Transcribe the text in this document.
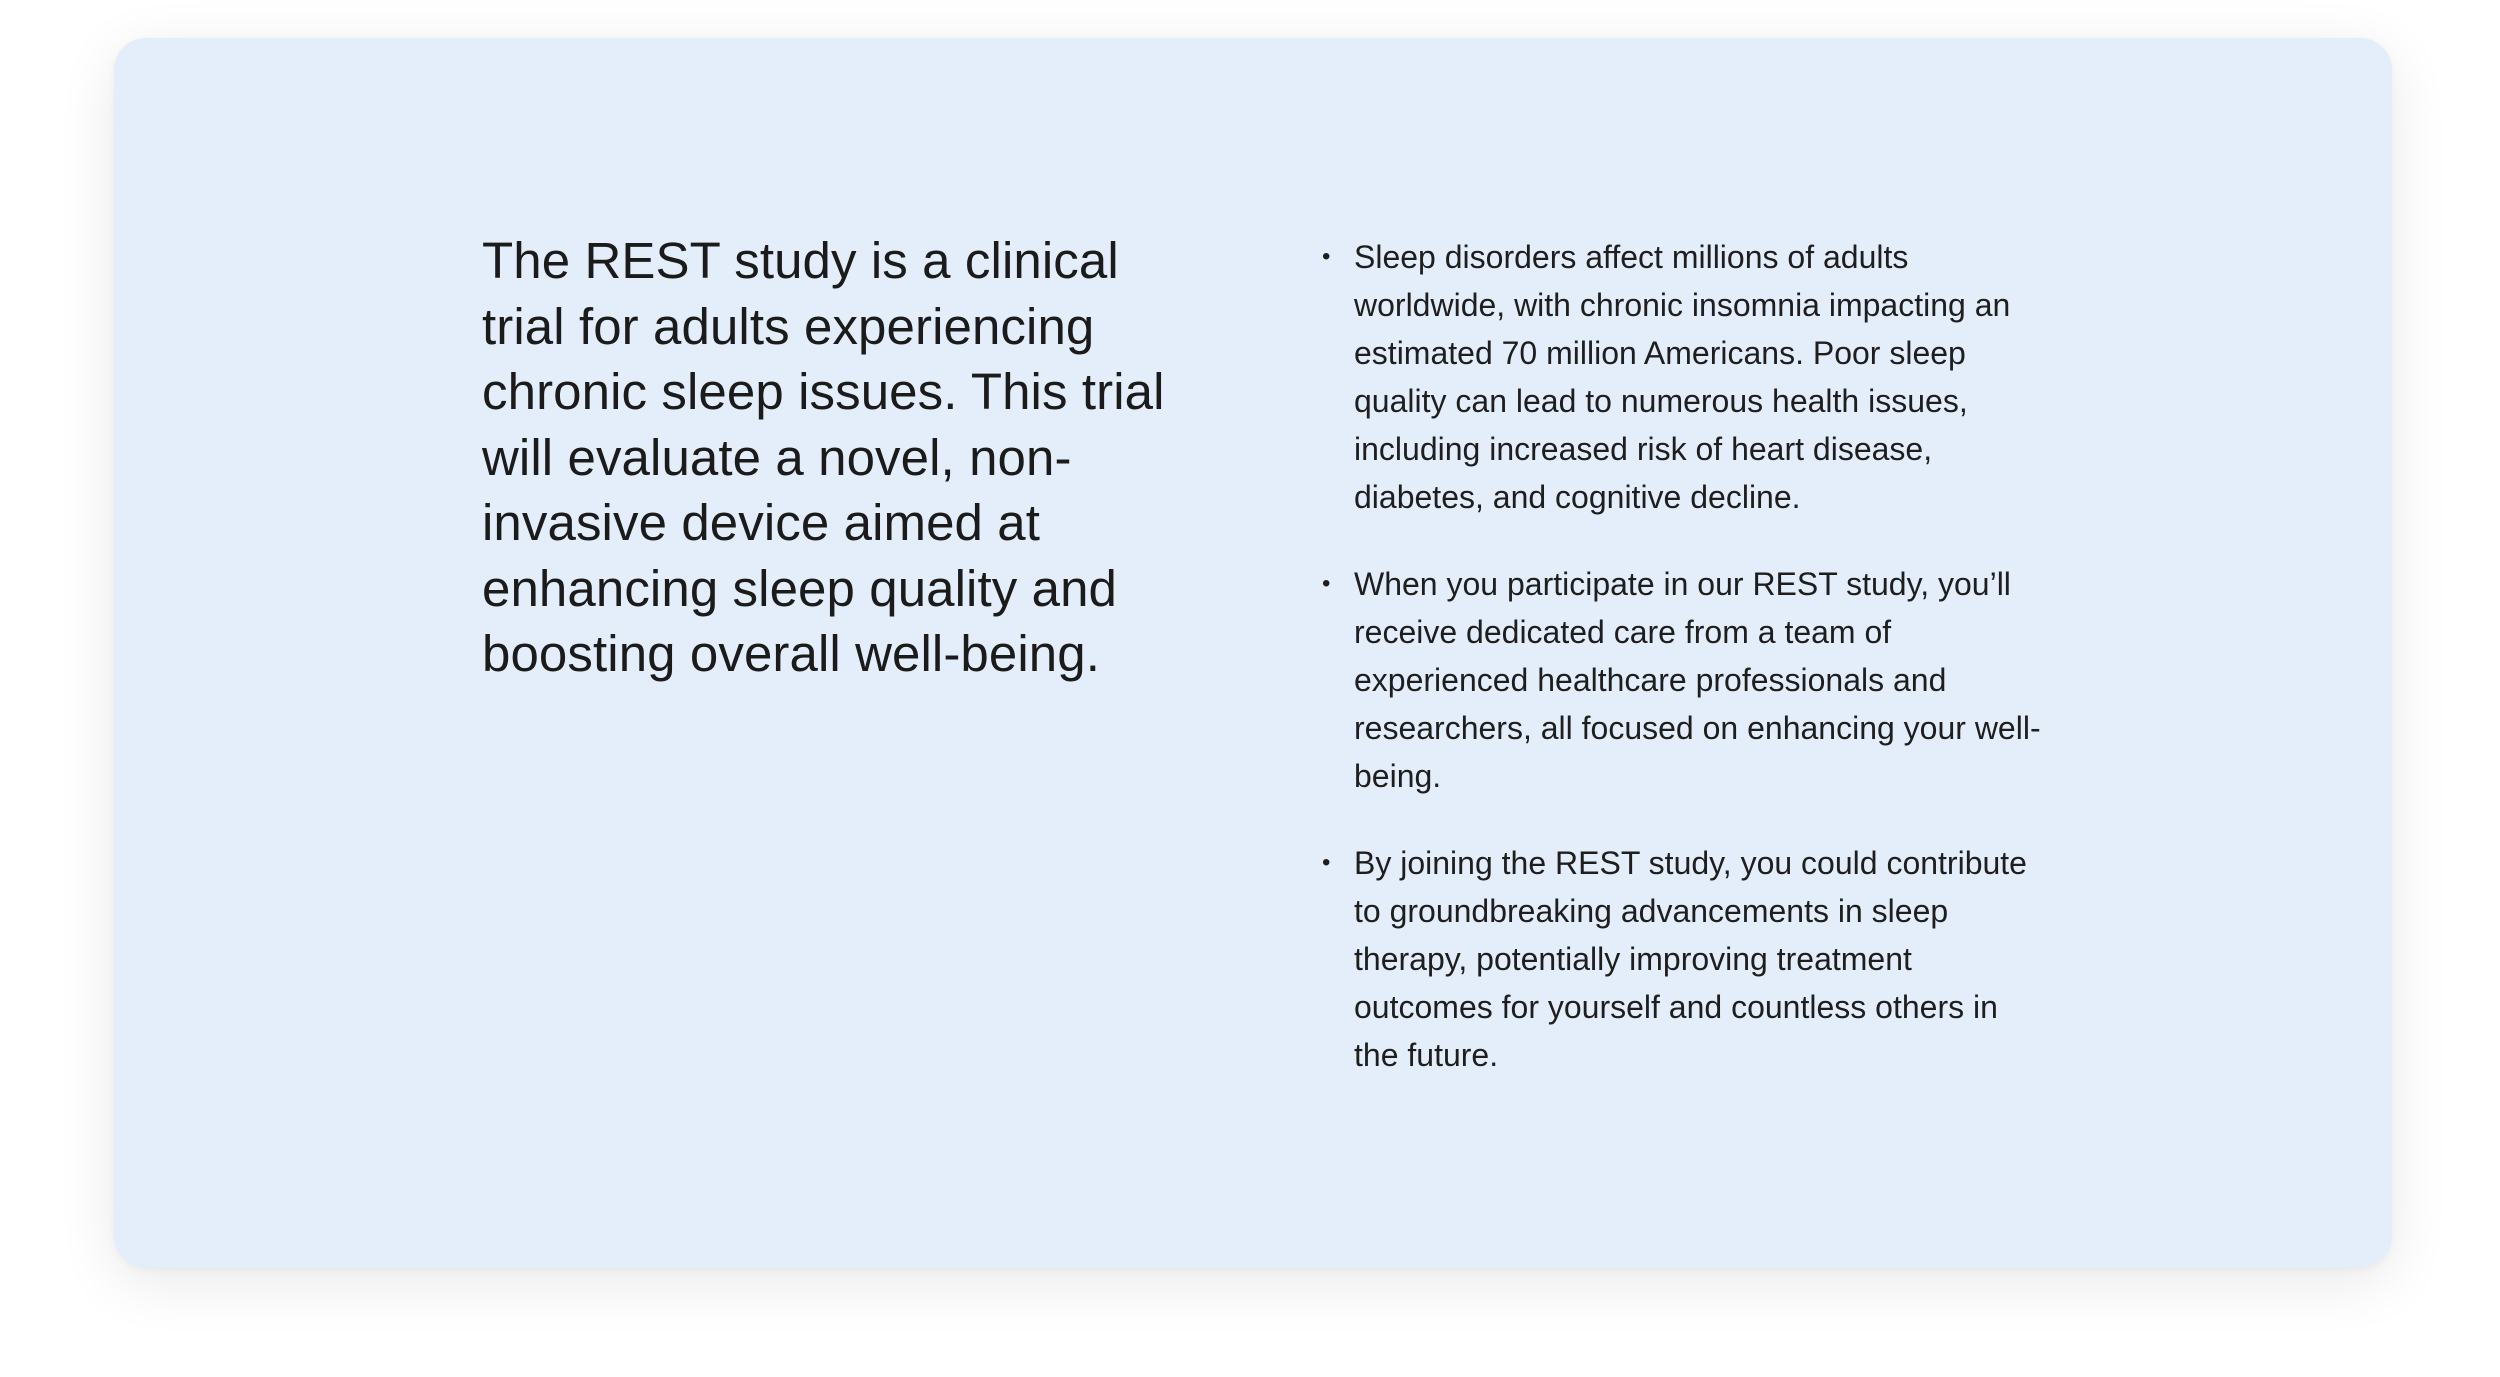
The REST study is a clinical trial for adults experiencing chronic sleep issues. This trial will evaluate a novel, non-invasive device aimed at enhancing sleep quality and boosting overall well-being.

• Sleep disorders affect millions of adults worldwide, with chronic insomnia impacting an estimated 70 million Americans. Poor sleep quality can lead to numerous health issues, including increased risk of heart disease, diabetes, and cognitive decline.
• When you participate in our REST study, you’ll receive dedicated care from a team of experienced healthcare professionals and researchers, all focused on enhancing your well-being.
• By joining the REST study, you could contribute to groundbreaking advancements in sleep therapy, potentially improving treatment outcomes for yourself and countless others in the future.
